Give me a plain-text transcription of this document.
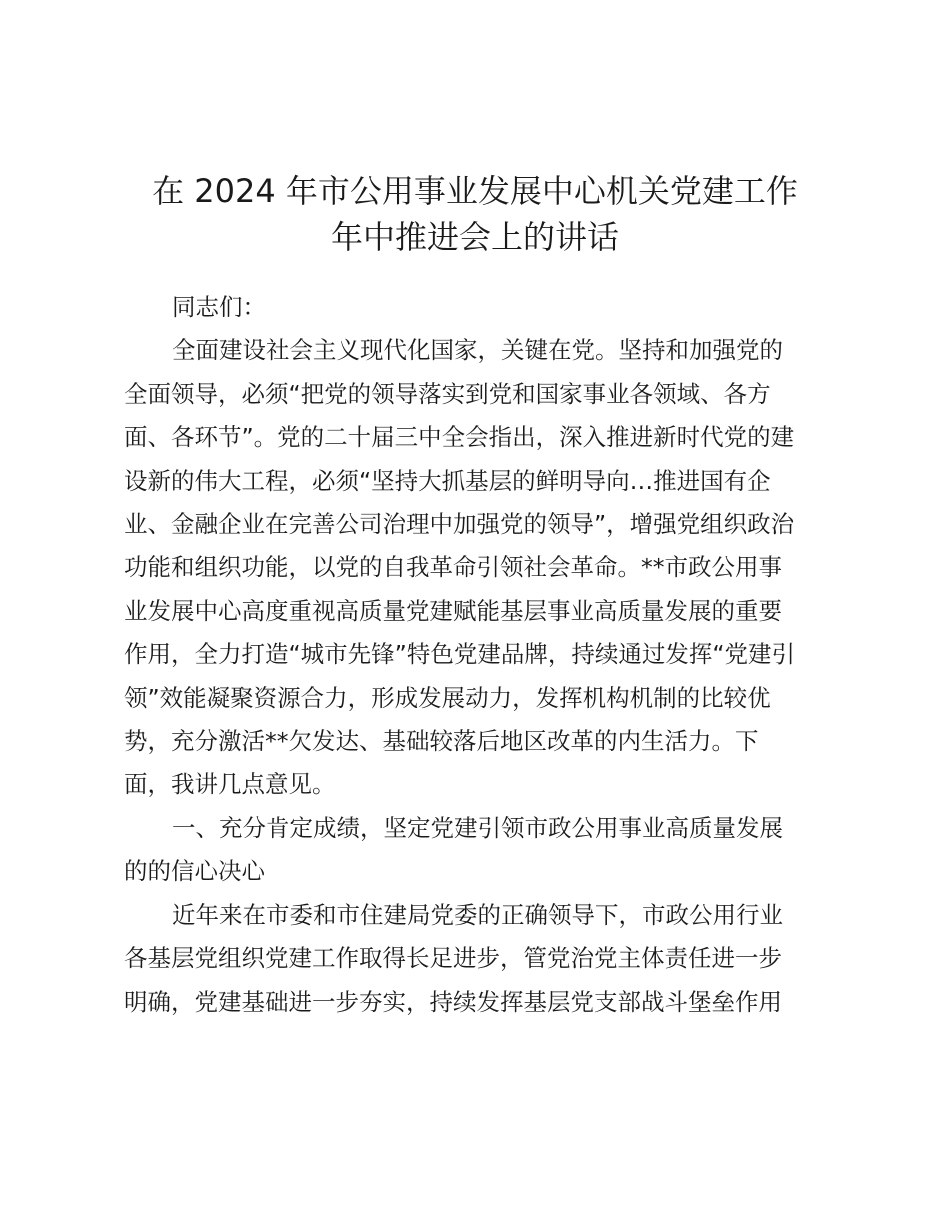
在 2024 年市公用事业发展中心机关党建工作
年中推进会上的讲话
同志们：
全面建设社会主义现代化国家，关键在党。坚持和加强党的
全面领导，必须“把党的领导落实到党和国家事业各领域、各方
面、各环节”。党的二十届三中全会指出，深入推进新时代党的建
设新的伟大工程，必须“坚持大抓基层的鲜明导向…推进国有企
业、金融企业在完善公司治理中加强党的领导”，增强党组织政治
功能和组织功能，以党的自我革命引领社会革命。**市政公用事
业发展中心高度重视高质量党建赋能基层事业高质量发展的重要
作用，全力打造“城市先锋”特色党建品牌，持续通过发挥“党建引
领”效能凝聚资源合力，形成发展动力，发挥机构机制的比较优
势，充分激活**欠发达、基础较落后地区改革的内生活力。下
面，我讲几点意见。
一、充分肯定成绩，坚定党建引领市政公用事业高质量发展
的的信心决心
近年来在市委和市住建局党委的正确领导下，市政公用行业
各基层党组织党建工作取得长足进步，管党治党主体责任进一步
明确，党建基础进一步夯实，持续发挥基层党支部战斗堡垒作用
